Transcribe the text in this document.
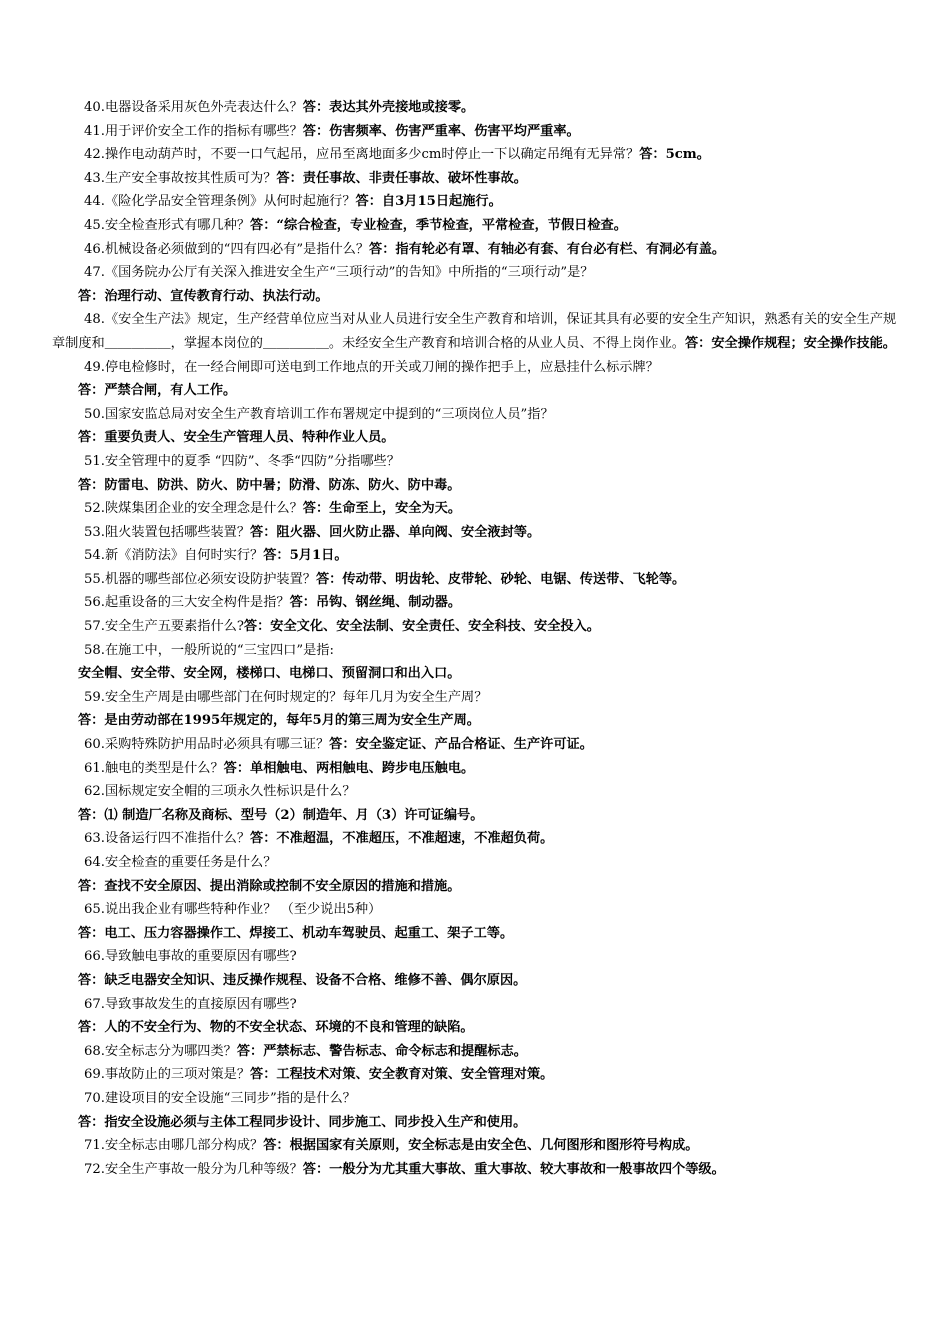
40.电器设备采用灰色外壳表达什么？答：表达其外壳接地或接零。
41.用于评价安全工作的指标有哪些？答：伤害频率、伤害严重率、伤害平均严重率。
42.操作电动葫芦时，不要一口气起吊，应吊至离地面多少cm时停止一下以确定吊绳有无异常？答：5cm。
43.生产安全事故按其性质可为？答：责任事故、非责任事故、破坏性事故。
44.《险化学品安全管理条例》从何时起施行？答：自3月15日起施行。
45.安全检查形式有哪几种？答：“综合检查，专业检查，季节检查，平常检查，节假日检查。
46.机械设备必须做到的“四有四必有”是指什么？答：指有轮必有罩、有轴必有套、有台必有栏、有洞必有盖。
47.《国务院办公厅有关深入推进安全生产“三项行动”的告知》中所指的“三项行动”是？
答：治理行动、宣传教育行动、执法行动。
48.《安全生产法》规定，生产经营单位应当对从业人员进行安全生产教育和培训，保证其具有必要的安全生产知识，熟悉有关的安全生产规章制度和＿＿＿＿＿，掌握本岗位的＿＿＿＿＿。未经安全生产教育和培训合格的从业人员、不得上岗作业。答：安全操作规程；安全操作技能。
49.停电检修时，在一经合闸即可送电到工作地点的开关或刀闸的操作把手上，应悬挂什么标示牌？
答：严禁合闸，有人工作。
50.国家安监总局对安全生产教育培训工作布署规定中提到的“三项岗位人员”指？
答：重要负责人、安全生产管理人员、特种作业人员。
51.安全管理中的夏季 “四防”、冬季“四防”分指哪些？
答：防雷电、防洪、防火、防中暑；防滑、防冻、防火、防中毒。
52.陕煤集团企业的安全理念是什么？答：生命至上，安全为天。
53.阻火装置包括哪些装置？答：阻火器、回火防止器、单向阀、安全液封等。
54.新《消防法》自何时实行？答：5月1日。
55.机器的哪些部位必须安设防护装置？答：传动带、明齿轮、皮带轮、砂轮、电锯、传送带、飞轮等。
56.起重设备的三大安全构件是指？答：吊钩、钢丝绳、制动器。
57.安全生产五要素指什么?答：安全文化、安全法制、安全责任、安全科技、安全投入。
58.在施工中，一般所说的“三宝四口”是指:
安全帽、安全带、安全网，楼梯口、电梯口、预留洞口和出入口。
59.安全生产周是由哪些部门在何时规定的？每年几月为安全生产周？
答：是由劳动部在1995年规定的，每年5月的第三周为安全生产周。
60.采购特殊防护用品时必须具有哪三证？答：安全鉴定证、产品合格证、生产许可证。
61.触电的类型是什么？答：单相触电、两相触电、跨步电压触电。
62.国标规定安全帽的三项永久性标识是什么？
答：⑴ 制造厂名称及商标、型号（2）制造年、月（3）许可证编号。
63.设备运行四不准指什么？答：不准超温，不准超压，不准超速，不准超负荷。
64.安全检查的重要任务是什么？
答：查找不安全原因、提出消除或控制不安全原因的措施和措施。
65.说出我企业有哪些特种作业？ （至少说出5种）
答：电工、压力容器操作工、焊接工、机动车驾驶员、起重工、架子工等。
66.导致触电事故的重要原因有哪些?
答：缺乏电器安全知识、违反操作规程、设备不合格、维修不善、偶尔原因。
67.导致事故发生的直接原因有哪些?
答：人的不安全行为、物的不安全状态、环境的不良和管理的缺陷。
68.安全标志分为哪四类？答：严禁标志、警告标志、命令标志和提醒标志。
69.事故防止的三项对策是？答：工程技术对策、安全教育对策、安全管理对策。
70.建设项目的安全设施“三同步”指的是什么？
答：指安全设施必须与主体工程同步设计、同步施工、同步投入生产和使用。
71.安全标志由哪几部分构成？答：根据国家有关原则，安全标志是由安全色、几何图形和图形符号构成。
72.安全生产事故一般分为几种等级？答：一般分为尤其重大事故、重大事故、较大事故和一般事故四个等级。
